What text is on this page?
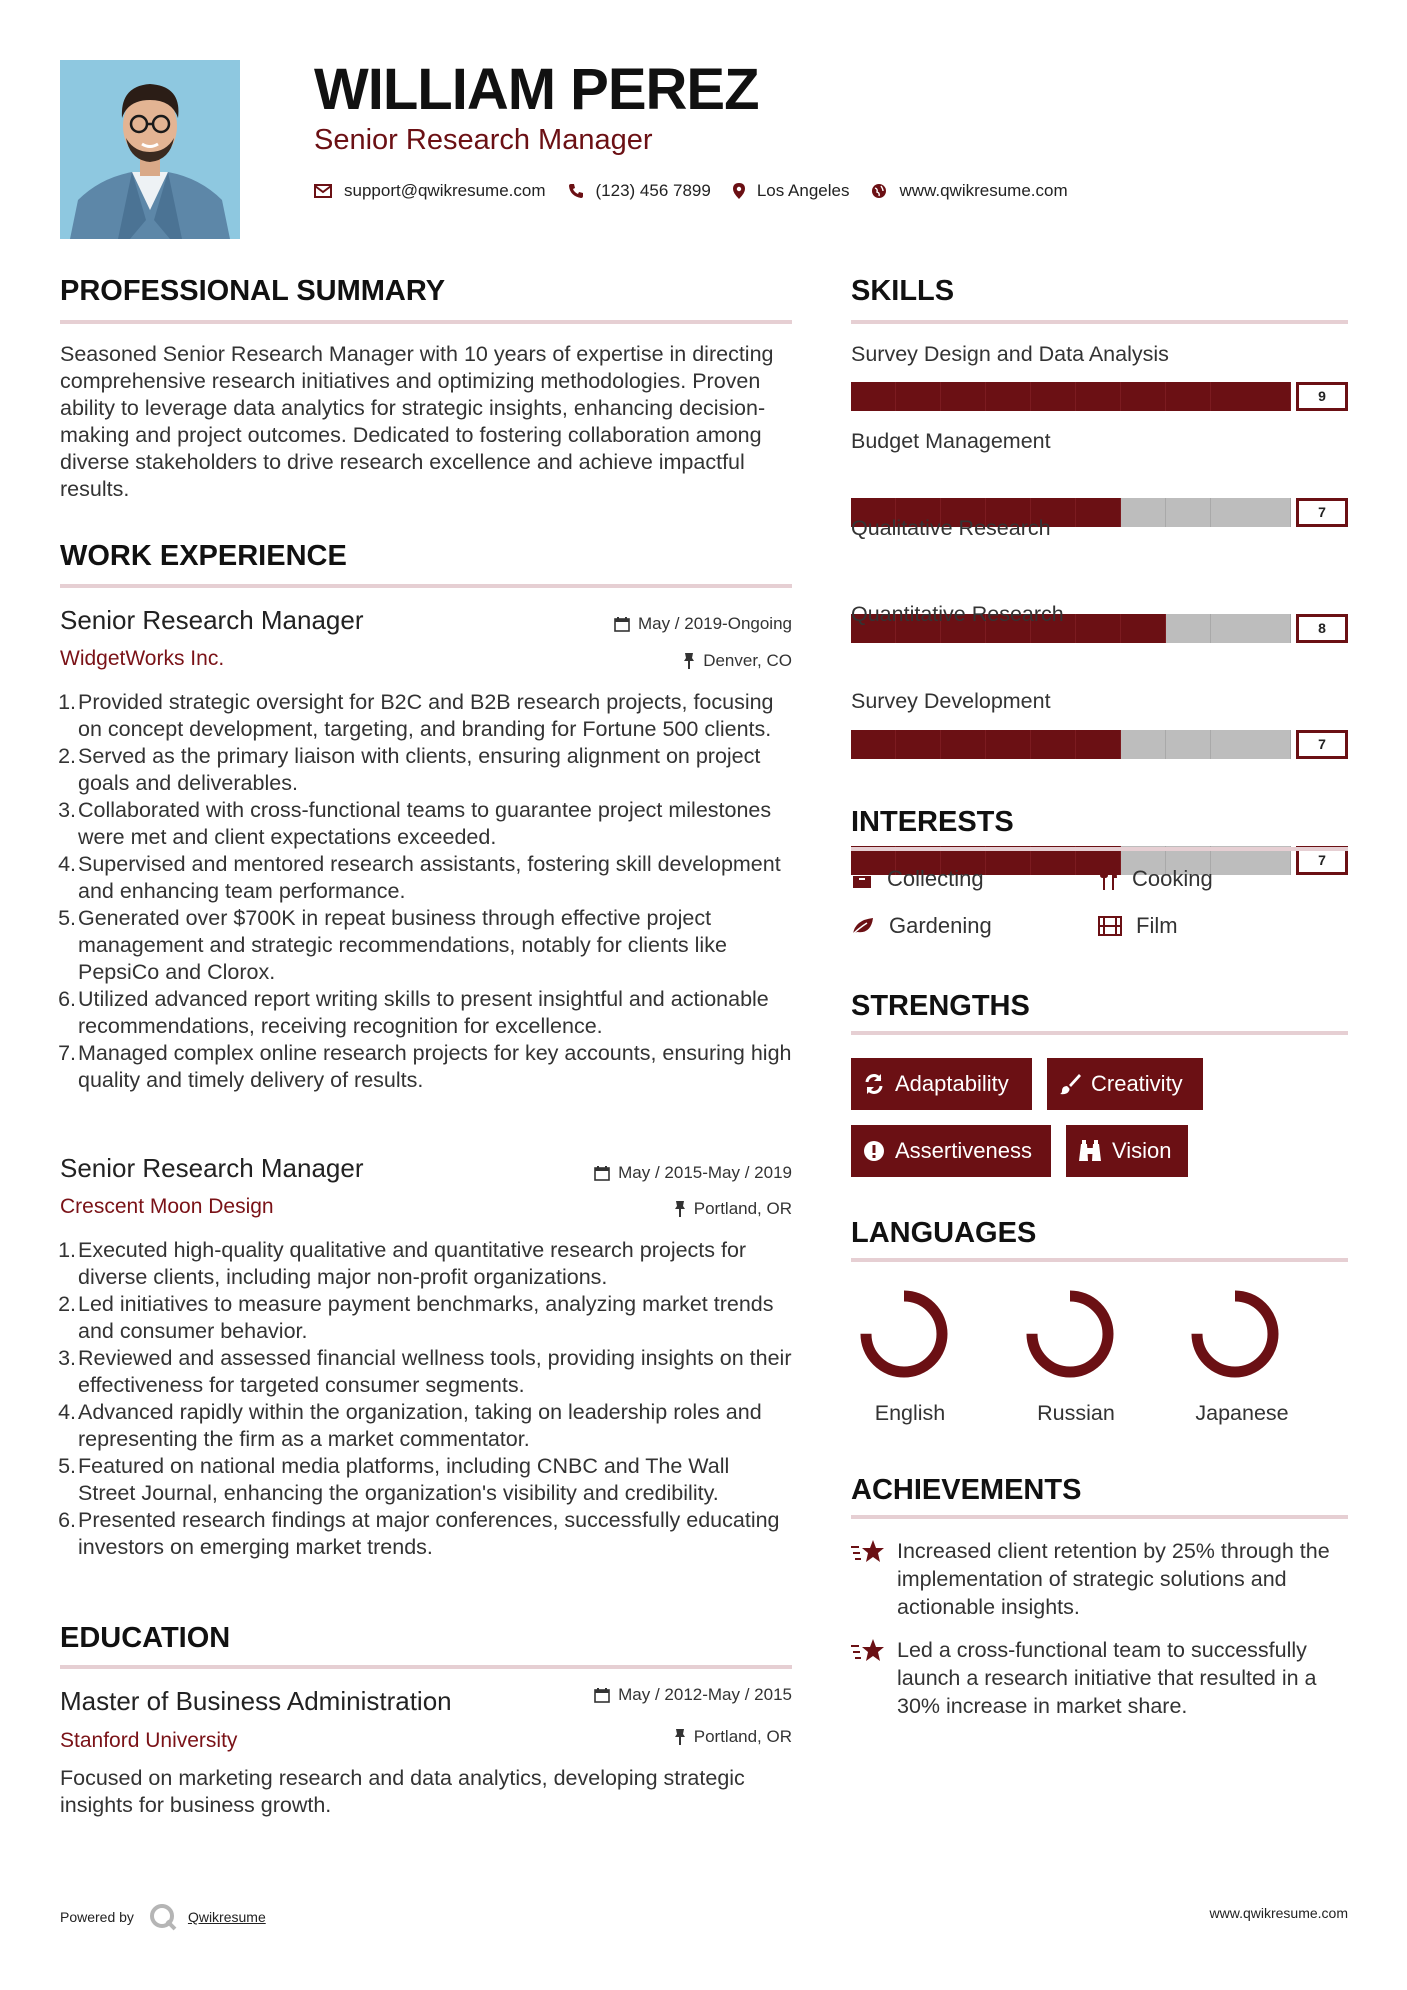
WILLIAM PEREZ
Senior Research Manager
support@qwikresume.com	(123) 456 7899	Los Angeles	www.qwikresume.com
PROFESSIONAL SUMMARY
Seasoned Senior Research Manager with 10 years of expertise in directing comprehensive research initiatives and optimizing methodologies. Proven ability to leverage data analytics for strategic insights, enhancing decision-making and project outcomes. Dedicated to fostering collaboration among diverse stakeholders to drive research excellence and achieve impactful results.
WORK EXPERIENCE
Senior Research Manager	May / 2019-Ongoing
WidgetWorks Inc.	Denver, CO
1. Provided strategic oversight for B2C and B2B research projects, focusing on concept development, targeting, and branding for Fortune 500 clients.
2. Served as the primary liaison with clients, ensuring alignment on project goals and deliverables.
3. Collaborated with cross-functional teams to guarantee project milestones were met and client expectations exceeded.
4. Supervised and mentored research assistants, fostering skill development and enhancing team performance.
5. Generated over $700K in repeat business through effective project management and strategic recommendations, notably for clients like PepsiCo and Clorox.
6. Utilized advanced report writing skills to present insightful and actionable recommendations, receiving recognition for excellence.
7. Managed complex online research projects for key accounts, ensuring high quality and timely delivery of results.
Senior Research Manager	May / 2015-May / 2019
Crescent Moon Design	Portland, OR
1. Executed high-quality qualitative and quantitative research projects for diverse clients, including major non-profit organizations.
2. Led initiatives to measure payment benchmarks, analyzing market trends and consumer behavior.
3. Reviewed and assessed financial wellness tools, providing insights on their effectiveness for targeted consumer segments.
4. Advanced rapidly within the organization, taking on leadership roles and representing the firm as a market commentator.
5. Featured on national media platforms, including CNBC and The Wall Street Journal, enhancing the organization's visibility and credibility.
6. Presented research findings at major conferences, successfully educating investors on emerging market trends.
EDUCATION
Master of Business Administration	May / 2012-May / 2015
Stanford University	Portland, OR
Focused on marketing research and data analytics, developing strategic insights for business growth.
SKILLS
Survey Design and Data Analysis
9
Budget Management
7
Qualitative Research
8
Quantitative Research
7
Survey Development
7
INTERESTS
Collecting	Cooking
Gardening	Film
STRENGTHS
Adaptability	Creativity
Assertiveness	Vision
LANGUAGES
English	Russian	Japanese
ACHIEVEMENTS
Increased client retention by 25% through the implementation of strategic solutions and actionable insights.
Led a cross-functional team to successfully launch a research initiative that resulted in a 30% increase in market share.
Powered by	Qwikresume	www.qwikresume.com
